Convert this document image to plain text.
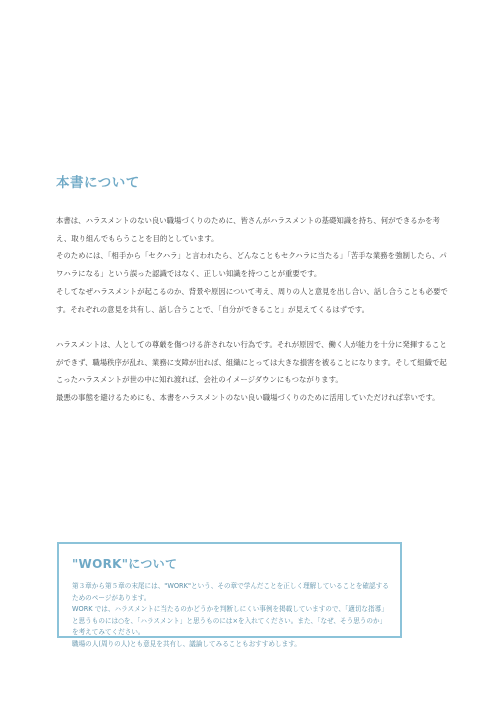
本書について

本書は、ハラスメントのない良い職場づくりのために、皆さんがハラスメントの基礎知識を持ち、何ができるかを考え、取り組んでもらうことを目的としています。

そのためには、「相手から「セクハラ」と言われたら、どんなこともセクハラに当たる」「苦手な業務を強制したら、パワハラになる」という誤った認識ではなく、正しい知識を持つことが重要です。

そしてなぜハラスメントが起こるのか、背景や原因について考え、周りの人と意見を出し合い、話し合うことも必要です。それぞれの意見を共有し、話し合うことで、「自分ができること」が見えてくるはずです。

ハラスメントは、人としての尊厳を傷つける許されない行為です。それが原因で、働く人が能力を十分に発揮することができず、職場秩序が乱れ、業務に支障が出れば、組織にとっては大きな損害を被ることになります。そして組織で起こったハラスメントが世の中に知れ渡れば、会社のイメージダウンにもつながります。

最悪の事態を避けるためにも、本書をハラスメントのない良い職場づくりのために活用していただければ幸いです。

"WORK"について

第３章から第５章の末尾には、"WORK"という、その章で学んだことを正しく理解していることを確認するためのページがあります。

WORK では、ハラスメントに当たるのかどうかを判断しにくい事例を掲載していますので、「適切な指導」と思うものには○を、「ハラスメント」と思うものには×を入れてください。また、「なぜ、そう思うのか」を考えてみてください。

職場の人(周りの人)とも意見を共有し、議論してみることもおすすめします。
